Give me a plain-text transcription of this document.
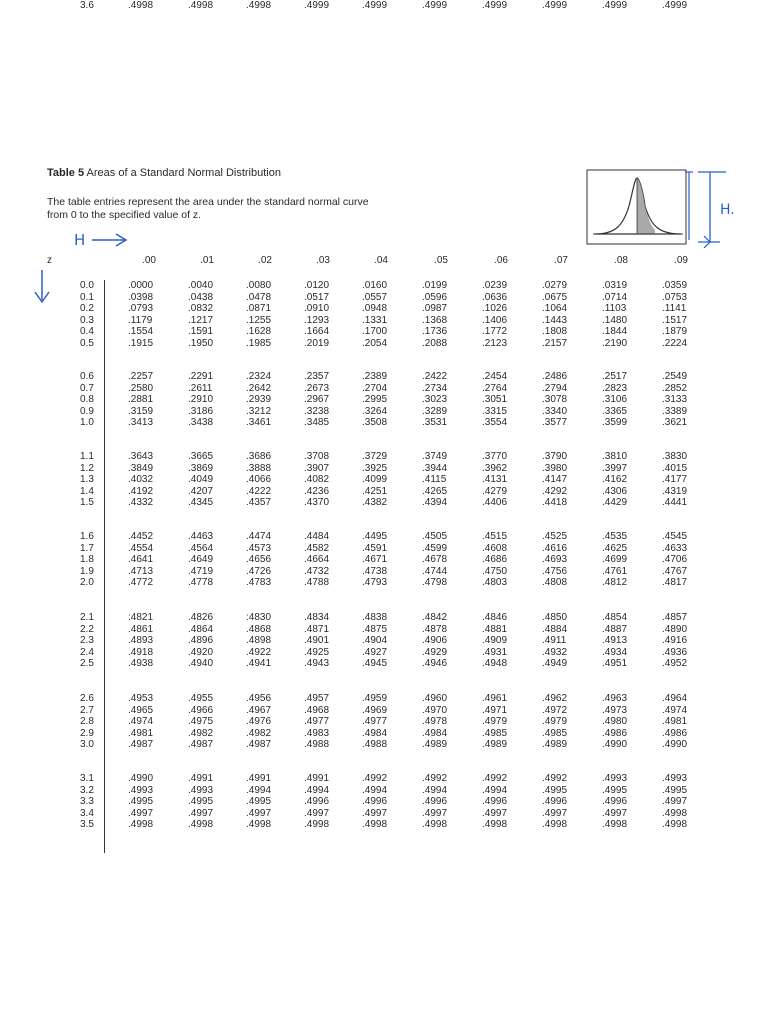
Table 5 Areas of a Standard Normal Distribution
The table entries represent the area under the standard normal curve from 0 to the specified value of z.
H
H.
z	.00	.01	.02	.03	.04	.05	.06	.07	.08	.09
0.0	.0000	.0040	.0080	.0120	.0160	.0199	.0239	.0279	.0319	.0359
0.1	.0398	.0438	.0478	.0517	.0557	.0596	.0636	.0675	.0714	.0753
0.2	.0793	.0832	.0871	.0910	.0948	.0987	.1026	.1064	.1103	.1141
0.3	.1179	.1217	.1255	.1293	.1331	.1368	.1406	.1443	.1480	.1517
0.4	.1554	.1591	.1628	.1664	.1700	.1736	.1772	.1808	.1844	.1879
0.5	.1915	.1950	.1985	.2019	.2054	.2088	.2123	.2157	.2190	.2224
0.6	.2257	.2291	.2324	.2357	.2389	.2422	.2454	.2486	.2517	.2549
0.7	.2580	.2611	.2642	.2673	.2704	.2734	.2764	.2794	.2823	.2852
0.8	.2881	.2910	.2939	.2967	.2995	.3023	.3051	.3078	.3106	.3133
0.9	.3159	.3186	.3212	.3238	.3264	.3289	.3315	.3340	.3365	.3389
1.0	.3413	.3438	.3461	.3485	.3508	.3531	.3554	.3577	.3599	.3621
1.1	.3643	.3665	.3686	.3708	.3729	.3749	.3770	.3790	.3810	.3830
1.2	.3849	.3869	.3888	.3907	.3925	.3944	.3962	.3980	.3997	.4015
1.3	.4032	.4049	.4066	.4082	.4099	.4115	.4131	.4147	.4162	.4177
1.4	.4192	.4207	.4222	.4236	.4251	.4265	.4279	.4292	.4306	.4319
1.5	.4332	.4345	.4357	.4370	.4382	.4394	.4406	.4418	.4429	.4441
1.6	.4452	.4463	.4474	.4484	.4495	.4505	.4515	.4525	.4535	.4545
1.7	.4554	.4564	.4573	.4582	.4591	.4599	.4608	.4616	.4625	.4633
1.8	.4641	.4649	.4656	.4664	.4671	.4678	.4686	.4693	.4699	.4706
1.9	.4713	.4719	.4726	.4732	.4738	.4744	.4750	.4756	.4761	.4767
2.0	.4772	.4778	.4783	.4788	.4793	.4798	.4803	.4808	.4812	.4817
2.1	:4821	.4826	:4830	.4834	.4838	.4842	.4846	.4850	.4854	.4857
2.2	.4861	.4864	.4868	.4871	.4875	.4878	.4881	.4884	.4887	.4890
2.3	.4893	.4896	.4898	.4901	.4904	.4906	.4909	.4911	.4913	.4916
2.4	.4918	.4920	.4922	.4925	.4927	.4929	.4931	.4932	.4934	.4936
2.5	.4938	.4940	.4941	.4943	.4945	.4946	.4948	.4949	.4951	.4952
2.6	.4953	.4955	.4956	.4957	.4959	.4960	.4961	.4962	.4963	.4964
2.7	.4965	.4966	.4967	.4968	.4969	.4970	.4971	.4972	.4973	.4974
2.8	.4974	.4975	.4976	.4977	.4977	.4978	.4979	.4979	.4980	.4981
2.9	.4981	.4982	.4982	.4983	.4984	.4984	.4985	.4985	.4986	.4986
3.0	.4987	.4987	.4987	.4988	.4988	.4989	.4989	.4989	.4990	.4990
3.1	.4990	.4991	.4991	.4991	.4992	.4992	.4992	.4992	.4993	.4993
3.2	.4993	.4993	.4994	.4994	.4994	.4994	.4994	.4995	.4995	.4995
3.3	.4995	.4995	.4995	.4996	.4996	.4996	.4996	.4996	.4996	.4997
3.4	.4997	.4997	.4997	.4997	.4997	.4997	.4997	.4997	.4997	.4998
3.5	.4998	.4998	.4998	.4998	.4998	.4998	.4998	.4998	.4998	.4998
3.6	.4998	.4998	.4998	.4999	.4999	.4999	.4999	.4999	.4999	.4999
